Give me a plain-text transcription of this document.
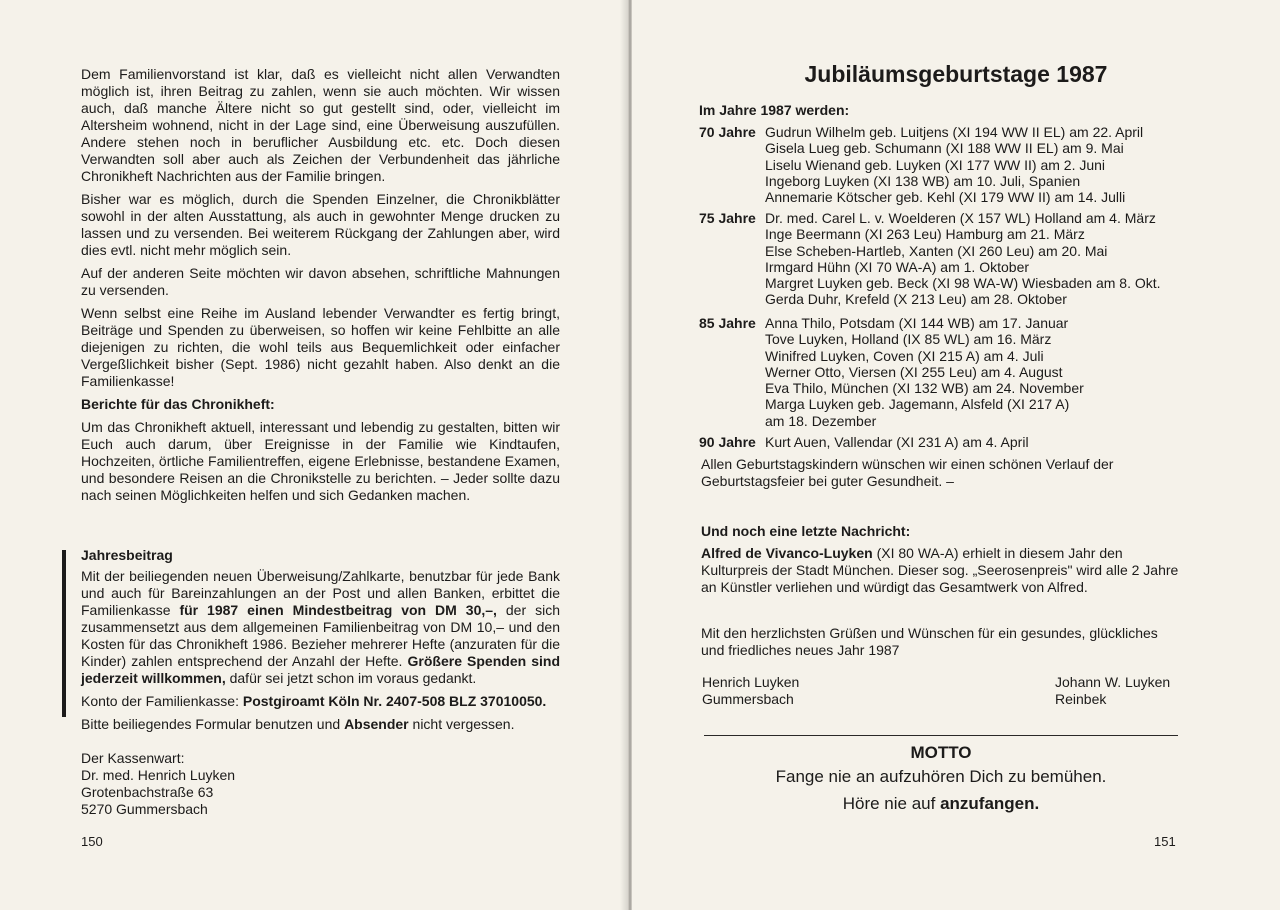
Dem Familienvorstand ist klar, daß es vielleicht nicht allen Verwandten möglich ist, ihren Beitrag zu zahlen, wenn sie auch möchten. Wir wissen auch, daß manche Ältere nicht so gut gestellt sind, oder, vielleicht im Altersheim wohnend, nicht in der Lage sind, eine Überweisung auszufüllen. Andere stehen noch in beruflicher Ausbildung etc. etc. Doch diesen Verwandten soll aber auch als Zeichen der Verbundenheit das jährliche Chronikheft Nachrichten aus der Familie bringen.

Bisher war es möglich, durch die Spenden Einzelner, die Chronikblätter sowohl in der alten Ausstattung, als auch in gewohnter Menge drucken zu lassen und zu versenden. Bei weiterem Rückgang der Zahlungen aber, wird dies evtl. nicht mehr möglich sein.

Auf der anderen Seite möchten wir davon absehen, schriftliche Mahnungen zu versenden.

Wenn selbst eine Reihe im Ausland lebender Verwandter es fertig bringt, Beiträge und Spenden zu überweisen, so hoffen wir keine Fehlbitte an alle diejenigen zu richten, die wohl teils aus Bequemlichkeit oder einfacher Vergeßlichkeit bisher (Sept. 1986) nicht gezahlt haben. Also denkt an die Familienkasse!

Berichte für das Chronikheft:

Um das Chronikheft aktuell, interessant und lebendig zu gestalten, bitten wir Euch auch darum, über Ereignisse in der Familie wie Kindtaufen, Hochzeiten, örtliche Familientreffen, eigene Erlebnisse, bestandene Examen, und besondere Reisen an die Chronikstelle zu berichten. – Jeder sollte dazu nach seinen Möglichkeiten helfen und sich Gedanken machen.

Jahresbeitrag

Mit der beiliegenden neuen Überweisung/Zahlkarte, benutzbar für jede Bank und auch für Bareinzahlungen an der Post und allen Banken, erbittet die Familienkasse für 1987 einen Mindestbeitrag von DM 30,–, der sich zusammensetzt aus dem allgemeinen Familienbeitrag von DM 10,– und den Kosten für das Chronikheft 1986. Bezieher mehrerer Hefte (anzuraten für die Kinder) zahlen entsprechend der Anzahl der Hefte. Größere Spenden sind jederzeit willkommen, dafür sei jetzt schon im voraus gedankt.

Konto der Familienkasse: Postgiroamt Köln Nr. 2407-508 BLZ 37010050.

Bitte beiliegendes Formular benutzen und Absender nicht vergessen.

Der Kassenwart:
Dr. med. Henrich Luyken
Grotenbachstraße 63
5270 Gummersbach
150
Jubiläumsgeburtstage 1987
Im Jahre 1987 werden:
70 Jahre Gudrun Wilhelm geb. Luitjens (XI 194 WW II EL) am 22. April
Gisela Lueg geb. Schumann (XI 188 WW II EL) am 9. Mai
Liselu Wienand geb. Luyken (XI 177 WW II) am 2. Juni
Ingeborg Luyken (XI 138 WB) am 10. Juli, Spanien
Annemarie Kötscher geb. Kehl (XI 179 WW II) am 14. Julli
75 Jahre Dr. med. Carel L. v. Woelderen (X 157 WL) Holland am 4. März
Inge Beermann (XI 263 Leu) Hamburg am 21. März
Else Scheben-Hartleb, Xanten (XI 260 Leu) am 20. Mai
Irmgard Hühn (XI 70 WA-A) am 1. Oktober
Margret Luyken geb. Beck (XI 98 WA-W) Wiesbaden am 8. Okt.
Gerda Duhr, Krefeld (X 213 Leu) am 28. Oktober
85 Jahre Anna Thilo, Potsdam (XI 144 WB) am 17. Januar
Tove Luyken, Holland (IX 85 WL) am 16. März
Winifred Luyken, Coven (XI 215 A) am 4. Juli
Werner Otto, Viersen (XI 255 Leu) am 4. August
Eva Thilo, München (XI 132 WB) am 24. November
Marga Luyken geb. Jagemann, Alsfeld (XI 217 A)
am 18. Dezember
90 Jahre Kurt Auen, Vallendar (XI 231 A) am 4. April

Allen Geburtstagskindern wünschen wir einen schönen Verlauf der Geburtstagsfeier bei guter Gesundheit. –

Und noch eine letzte Nachricht:

Alfred de Vivanco-Luyken (XI 80 WA-A) erhielt in diesem Jahr den Kulturpreis der Stadt München. Dieser sog. „Seerosenpreis" wird alle 2 Jahre an Künstler verliehen und würdigt das Gesamtwerk von Alfred.

Mit den herzlichsten Grüßen und Wünschen für ein gesundes, glückliches und friedliches neues Jahr 1987

Henrich Luyken
Gummersbach
Johann W. Luyken
Reinbek
MOTTO
Fange nie an aufzuhören Dich zu bemühen.
Höre nie auf anzufangen.
151
